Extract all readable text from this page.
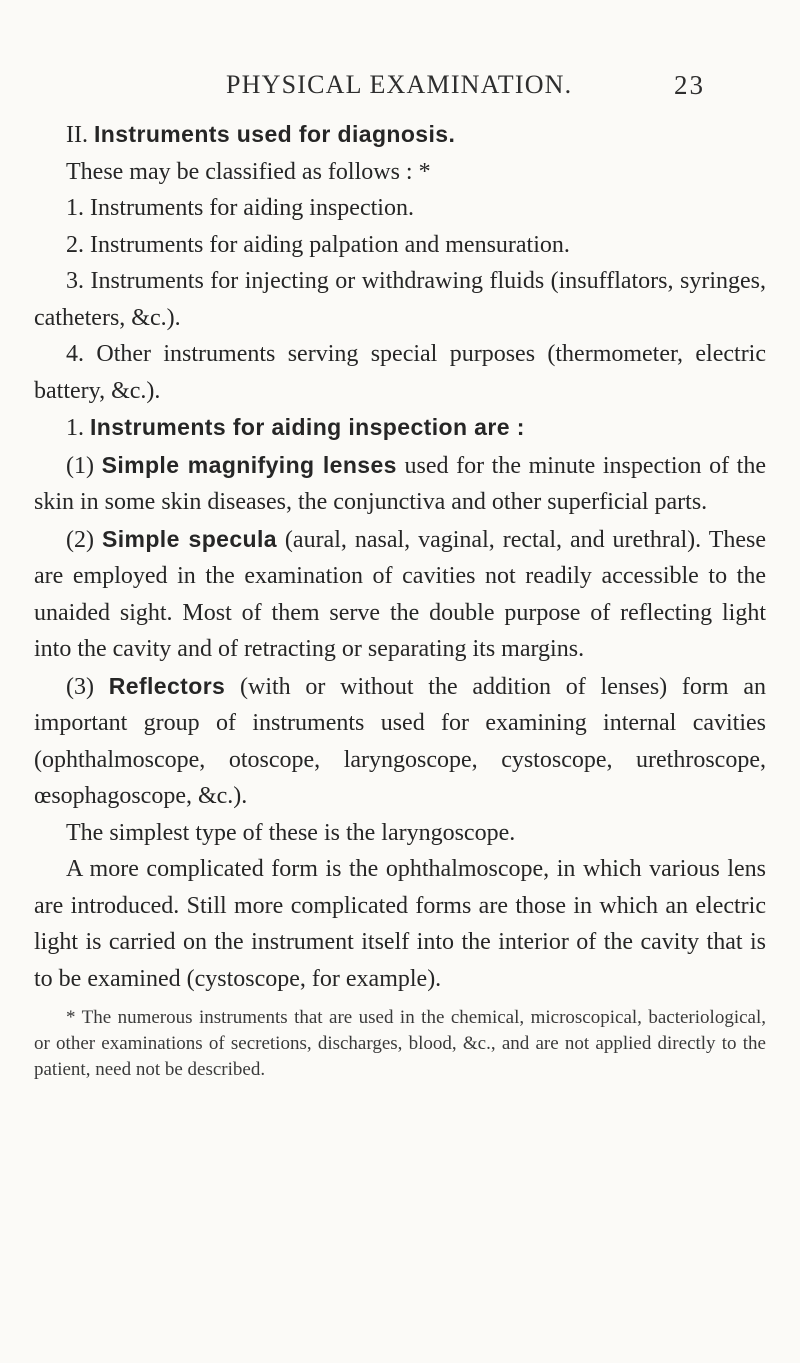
PHYSICAL EXAMINATION.	23
II. Instruments used for diagnosis.
These may be classified as follows : *
1. Instruments for aiding inspection.
2. Instruments for aiding palpation and mensuration.
3. Instruments for injecting or withdrawing fluids (insufflators, syringes, catheters, &c.).
4. Other instruments serving special purposes (thermometer, electric battery, &c.).
1. Instruments for aiding inspection are :
(1) Simple magnifying lenses used for the minute inspection of the skin in some skin diseases, the conjunctiva and other superficial parts.
(2) Simple specula (aural, nasal, vaginal, rectal, and urethral). These are employed in the examination of cavities not readily accessible to the unaided sight. Most of them serve the double purpose of reflecting light into the cavity and of retracting or separating its margins.
(3) Reflectors (with or without the addition of lenses) form an important group of instruments used for examining internal cavities (ophthalmoscope, otoscope, laryngoscope, cystoscope, urethroscope, œsophagoscope, &c.).
The simplest type of these is the laryngoscope.
A more complicated form is the ophthalmoscope, in which various lens are introduced. Still more complicated forms are those in which an electric light is carried on the instrument itself into the interior of the cavity that is to be examined (cystoscope, for example).
* The numerous instruments that are used in the chemical, microscopical, bacteriological, or other examinations of secretions, discharges, blood, &c., and are not applied directly to the patient, need not be described.
